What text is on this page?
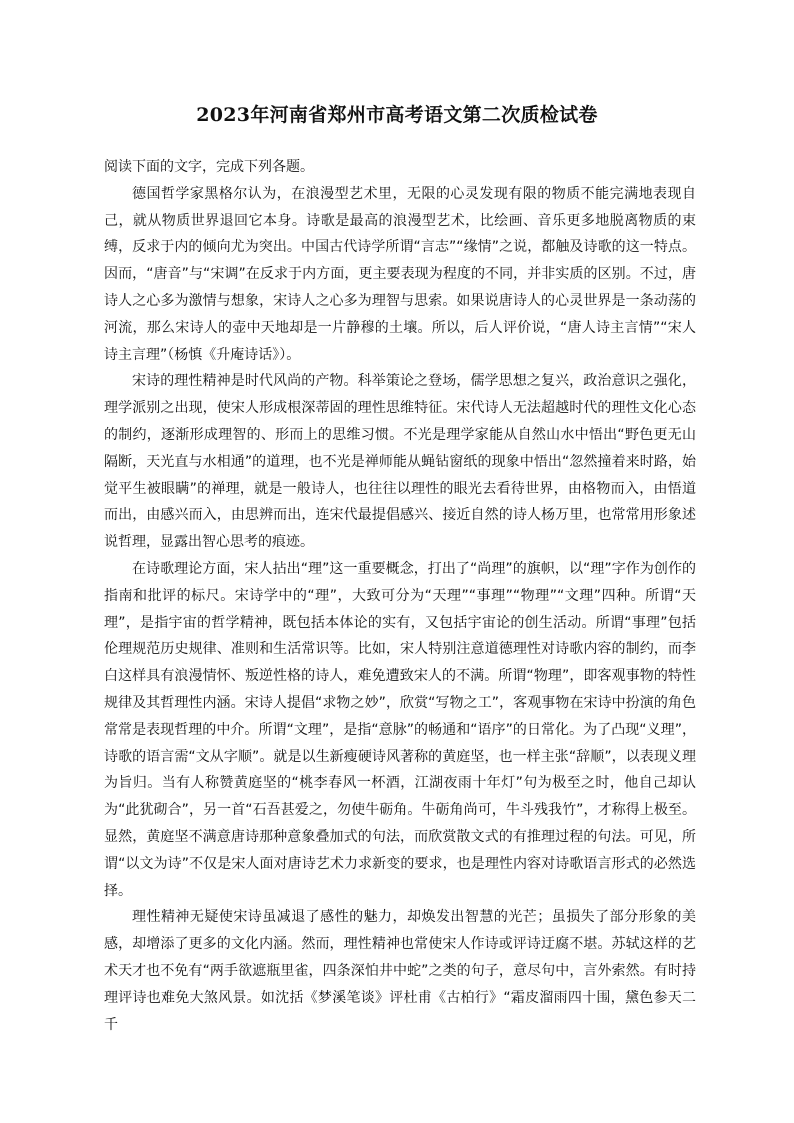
2023年河南省郑州市高考语文第二次质检试卷

阅读下面的文字，完成下列各题。

德国哲学家黑格尔认为，在浪漫型艺术里，无限的心灵发现有限的物质不能完满地表现自己，就从物质世界退回它本身。诗歌是最高的浪漫型艺术，比绘画、音乐更多地脱离物质的束缚，反求于内的倾向尤为突出。中国古代诗学所谓“言志”“缘情”之说，都触及诗歌的这一特点。因而，“唐音”与“宋调”在反求于内方面，更主要表现为程度的不同，并非实质的区别。不过，唐诗人之心多为激情与想象，宋诗人之心多为理智与思索。如果说唐诗人的心灵世界是一条动荡的河流，那么宋诗人的壶中天地却是一片静穆的土壤。所以，后人评价说，“唐人诗主言情”“宋人诗主言理”（杨慎《升庵诗话》）。

宋诗的理性精神是时代风尚的产物。科举策论之登场，儒学思想之复兴，政治意识之强化，理学派别之出现，使宋人形成根深蒂固的理性思维特征。宋代诗人无法超越时代的理性文化心态的制约，逐渐形成理智的、形而上的思维习惯。不光是理学家能从自然山水中悟出“野色更无山隔断，天光直与水相通”的道理，也不光是禅师能从蝇钻窗纸的现象中悟出“忽然撞着来时路，始觉平生被眼瞒”的禅理，就是一般诗人，也往往以理性的眼光去看待世界，由格物而入，由悟道而出，由感兴而入，由思辨而出，连宋代最提倡感兴、接近自然的诗人杨万里，也常常用形象述说哲理，显露出智心思考的痕迹。

在诗歌理论方面，宋人拈出“理”这一重要概念，打出了“尚理”的旗帜，以“理”字作为创作的指南和批评的标尺。宋诗学中的“理”，大致可分为“天理”“事理”“物理”“文理”四种。所谓“天理”，是指宇宙的哲学精神，既包括本体论的实有，又包括宇宙论的创生活动。所谓“事理”包括伦理规范历史规律、准则和生活常识等。比如，宋人特别注意道德理性对诗歌内容的制约，而李白这样具有浪漫情怀、叛逆性格的诗人，难免遭致宋人的不满。所谓“物理”，即客观事物的特性规律及其哲理性内涵。宋诗人提倡“求物之妙”，欣赏“写物之工”，客观事物在宋诗中扮演的角色常常是表现哲理的中介。所谓“文理”，是指“意脉”的畅通和“语序”的日常化。为了凸现“义理”，诗歌的语言需“文从字顺”。就是以生新瘦硬诗风著称的黄庭坚，也一样主张“辞顺”，以表现义理为旨归。当有人称赞黄庭坚的“桃李春风一杯酒，江湖夜雨十年灯”句为极至之时，他自己却认为“此犹砌合”，另一首“石吾甚爱之，勿使牛砺角。牛砺角尚可，牛斗残我竹”，才称得上极至。显然，黄庭坚不满意唐诗那种意象叠加式的句法，而欣赏散文式的有推理过程的句法。可见，所谓“以文为诗”不仅是宋人面对唐诗艺术力求新变的要求，也是理性内容对诗歌语言形式的必然选择。

理性精神无疑使宋诗虽减退了感性的魅力，却焕发出智慧的光芒；虽损失了部分形象的美感，却增添了更多的文化内涵。然而，理性精神也常使宋人作诗或评诗迂腐不堪。苏轼这样的艺术天才也不免有“两手欲遮瓶里雀，四条深怕井中蛇”之类的句子，意尽句中，言外索然。有时持理评诗也难免大煞风景。如沈括《梦溪笔谈》评杜甫《古柏行》“霜皮溜雨四十围，黛色参天二千
